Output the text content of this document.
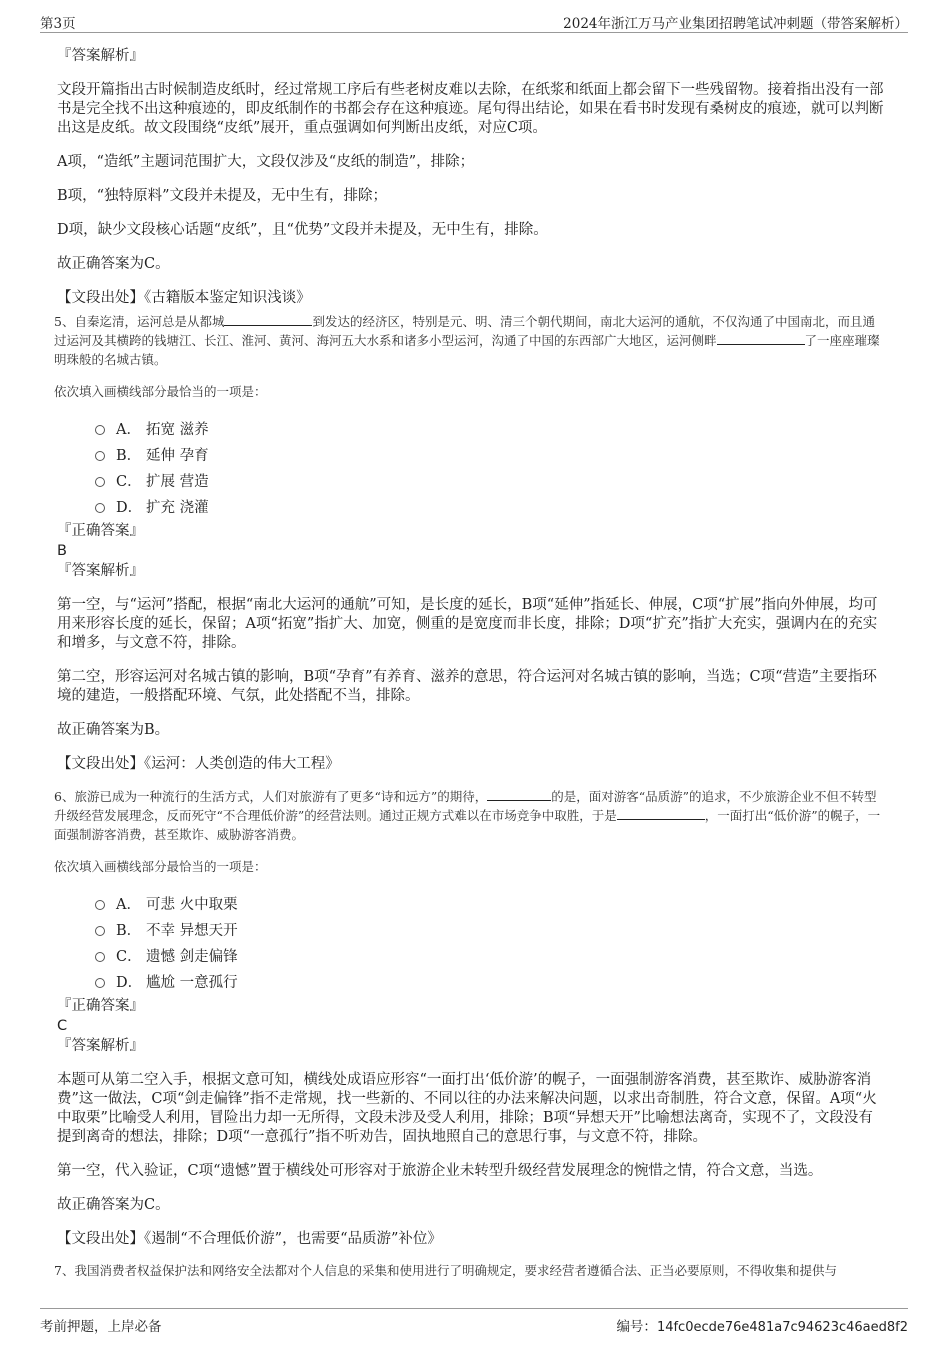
第3页	2024年浙江万马产业集团招聘笔试冲刺题（带答案解析）
『答案解析』

文段开篇指出古时候制造皮纸时，经过常规工序后有些老树皮难以去除，在纸浆和纸面上都会留下一些残留物。接着指出没有一部书是完全找不出这种痕迹的，即皮纸制作的书都会存在这种痕迹。尾句得出结论，如果在看书时发现有桑树皮的痕迹，就可以判断出这是皮纸。故文段围绕“皮纸”展开，重点强调如何判断出皮纸，对应C项。

A项，“造纸”主题词范围扩大，文段仅涉及“皮纸的制造”，排除；

B项，“独特原料”文段并未提及，无中生有，排除；

D项，缺少文段核心话题“皮纸”，且“优势”文段并未提及，无中生有，排除。

故正确答案为C。

【文段出处】《古籍版本鉴定知识浅谈》

5、自秦迄清，运河总是从都城	到发达的经济区，特别是元、明、清三个朝代期间，南北大运河的通航，不仅沟通了中国南北，而且通过运河及其横跨的钱塘江、长江、淮河、黄河、海河五大水系和诸多小型运河，沟通了中国的东西部广大地区，运河侧畔	了一座座璀璨明珠般的名城古镇。

依次填入画横线部分最恰当的一项是：

A． 拓宽 滋养
B． 延伸 孕育
C． 扩展 营造
D． 扩充 浇灌
『正确答案』
B
『答案解析』

第一空，与“运河”搭配，根据“南北大运河的通航”可知，是长度的延长，B项“延伸”指延长、伸展，C项“扩展”指向外伸展，均可用来形容长度的延长，保留；A项“拓宽”指扩大、加宽，侧重的是宽度而非长度，排除；D项“扩充”指扩大充实，强调内在的充实和增多，与文意不符，排除。

第二空，形容运河对名城古镇的影响，B项“孕育”有养育、滋养的意思，符合运河对名城古镇的影响，当选；C项“营造”主要指环境的建造，一般搭配环境、气氛，此处搭配不当，排除。

故正确答案为B。

【文段出处】《运河：人类创造的伟大工程》

6、旅游已成为一种流行的生活方式，人们对旅游有了更多“诗和远方”的期待，	的是，面对游客“品质游”的追求，不少旅游企业不但不转型升级经营发展理念，反而死守“不合理低价游”的经营法则。通过正规方式难以在市场竞争中取胜，于是	，一面打出“低价游”的幌子，一面强制游客消费，甚至欺诈、威胁游客消费。

依次填入画横线部分最恰当的一项是：

A． 可悲 火中取栗
B． 不幸 异想天开
C． 遗憾 剑走偏锋
D． 尴尬 一意孤行
『正确答案』
C
『答案解析』

本题可从第二空入手，根据文意可知，横线处成语应形容“一面打出‘低价游’的幌子，一面强制游客消费，甚至欺诈、威胁游客消费”这一做法，C项“剑走偏锋”指不走常规，找一些新的、不同以往的办法来解决问题，以求出奇制胜，符合文意，保留。A项“火中取栗”比喻受人利用，冒险出力却一无所得，文段未涉及受人利用，排除；B项“异想天开”比喻想法离奇，实现不了，文段没有提到离奇的想法，排除；D项“一意孤行”指不听劝告，固执地照自己的意思行事，与文意不符，排除。

第一空，代入验证，C项“遗憾”置于横线处可形容对于旅游企业未转型升级经营发展理念的惋惜之情，符合文意，当选。

故正确答案为C。

【文段出处】《遏制“不合理低价游”，也需要“品质游”补位》

7、我国消费者权益保护法和网络安全法都对个人信息的采集和使用进行了明确规定，要求经营者遵循合法、正当必要原则，不得收集和提供与

考前押题，上岸必备	编号：14fc0ecde76e481a7c94623c46aed8f2
